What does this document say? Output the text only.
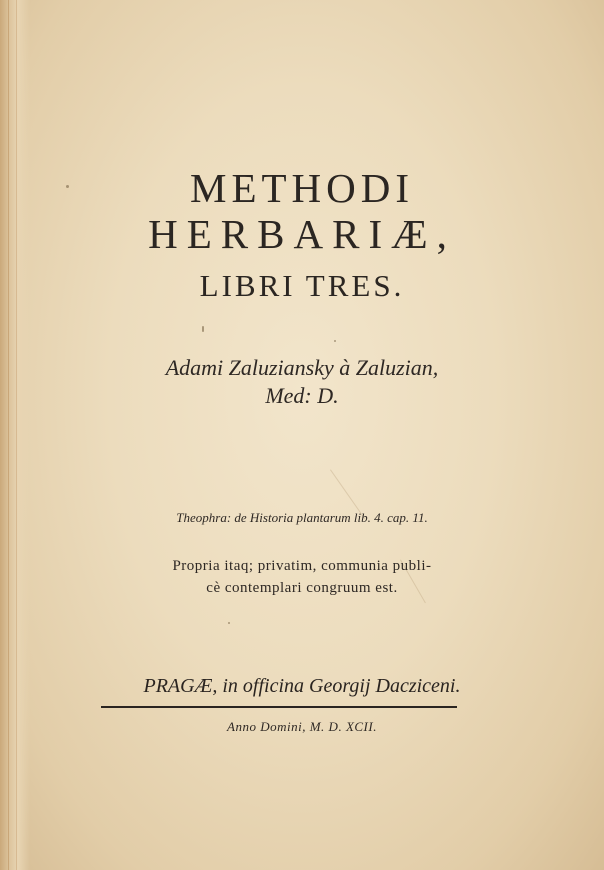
METHODI
HERBARIÆ,
LIBRI TRES.
Adami Zaluziansky à Zaluzian,
Med: D.
Theophra: de Historia plantarum lib. 4. cap. 11.
Propria itaq; privatim, communia publi-
cè contemplari congruum est.
PRAGÆ, in officina Georgij Dacziceni.
Anno Domini, M. D. XCII.
